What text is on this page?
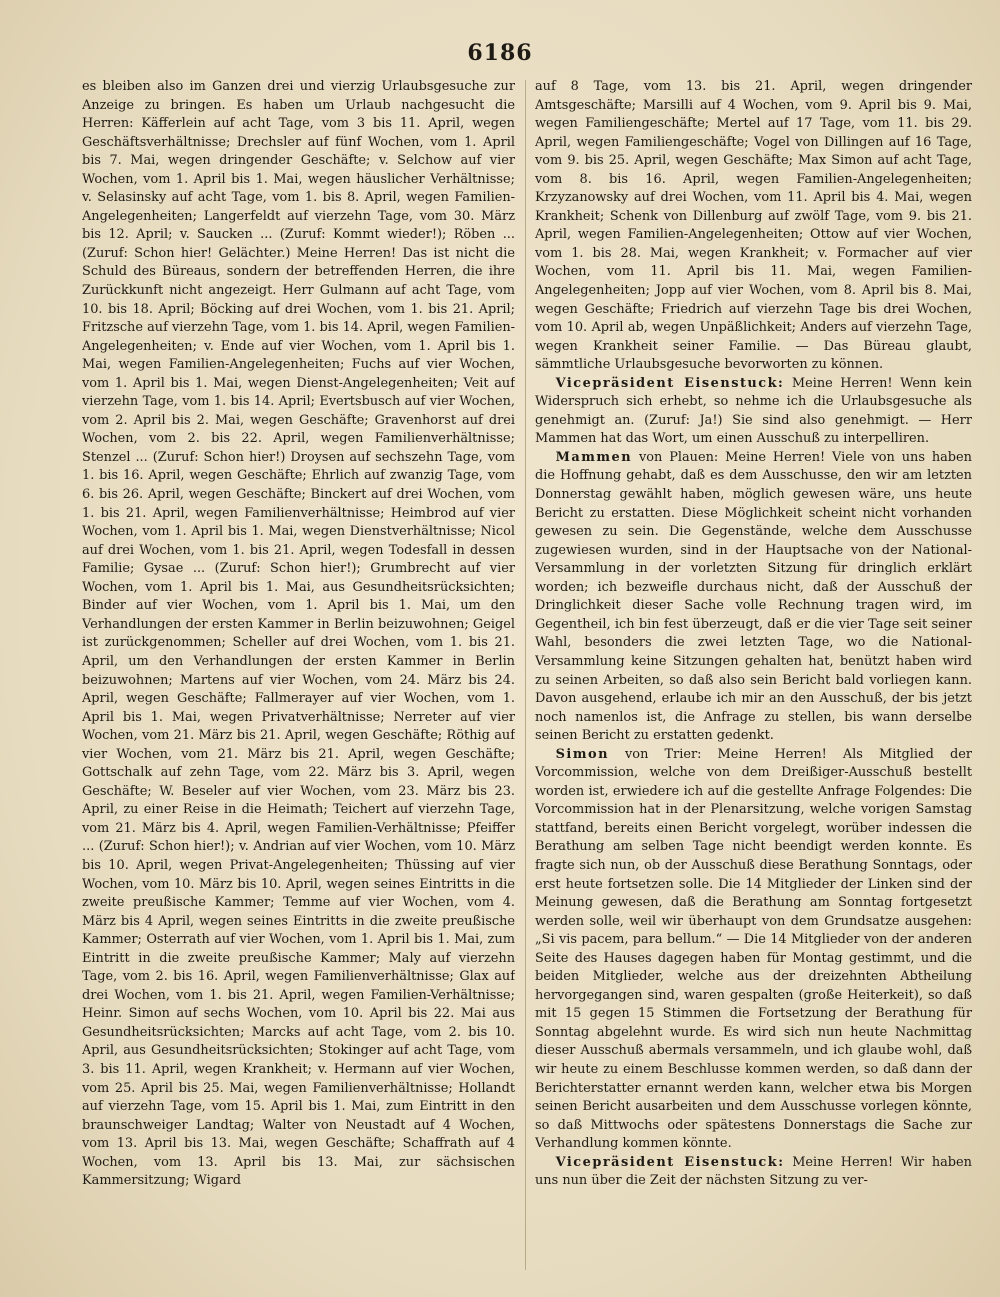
6186

es bleiben also im Ganzen drei und vierzig Urlaubsgesuche zur Anzeige zu bringen. Es haben um Urlaub nachgesucht die Herren: Käfferlein auf acht Tage, vom 3 bis 11. April, wegen Geschäftsverhältnisse; Drechsler auf fünf Wochen, vom 1. April bis 7. Mai, wegen dringender Geschäfte; v. Selchow auf vier Wochen, vom 1. April bis 1. Mai, wegen häuslicher Verhältnisse; v. Selasinsky auf acht Tage, vom 1. bis 8. April, wegen Familien-Angelegenheiten; Langerfeldt auf vierzehn Tage, vom 30. März bis 12. April; v. Saucken ... (Zuruf: Kommt wieder!); Röben ... (Zuruf: Schon hier! Gelächter.) Meine Herren! Das ist nicht die Schuld des Büreaus, sondern der betreffenden Herren, die ihre Zurückkunft nicht angezeigt. Herr Gulmann auf acht Tage, vom 10. bis 18. April; Böcking auf drei Wochen, vom 1. bis 21. April; Fritzsche auf vierzehn Tage, vom 1. bis 14. April, wegen Familien-Angelegenheiten; v. Ende auf vier Wochen, vom 1. April bis 1. Mai, wegen Familien-Angelegenheiten; Fuchs auf vier Wochen, vom 1. April bis 1. Mai, wegen Dienst-Angelegenheiten; Veit auf vierzehn Tage, vom 1. bis 14. April; Evertsbusch auf vier Wochen, vom 2. April bis 2. Mai, wegen Geschäfte; Gravenhorst auf drei Wochen, vom 2. bis 22. April, wegen Familienverhältnisse; Stenzel ... (Zuruf: Schon hier!) Droysen auf sechszehn Tage, vom 1. bis 16. April, wegen Geschäfte; Ehrlich auf zwanzig Tage, vom 6. bis 26. April, wegen Geschäfte; Binckert auf drei Wochen, vom 1. bis 21. April, wegen Familienverhältnisse; Heimbrod auf vier Wochen, vom 1. April bis 1. Mai, wegen Dienstverhältnisse; Nicol auf drei Wochen, vom 1. bis 21. April, wegen Todesfall in dessen Familie; Gysae ... (Zuruf: Schon hier!); Grumbrecht auf vier Wochen, vom 1. April bis 1. Mai, aus Gesundheitsrücksichten; Binder auf vier Wochen, vom 1. April bis 1. Mai, um den Verhandlungen der ersten Kammer in Berlin beizuwohnen; Geigel ist zurückgenommen; Scheller auf drei Wochen, vom 1. bis 21. April, um den Verhandlungen der ersten Kammer in Berlin beizuwohnen; Martens auf vier Wochen, vom 24. März bis 24. April, wegen Geschäfte; Fallmerayer auf vier Wochen, vom 1. April bis 1. Mai, wegen Privatverhältnisse; Nerreter auf vier Wochen, vom 21. März bis 21. April, wegen Geschäfte; Röthig auf vier Wochen, vom 21. März bis 21. April, wegen Geschäfte; Gottschalk auf zehn Tage, vom 22. März bis 3. April, wegen Geschäfte; W. Beseler auf vier Wochen, vom 23. März bis 23. April, zu einer Reise in die Heimath; Teichert auf vierzehn Tage, vom 21. März bis 4. April, wegen Familien-Verhältnisse; Pfeiffer ... (Zuruf: Schon hier!); v. Andrian auf vier Wochen, vom 10. März bis 10. April, wegen Privat-Angelegenheiten; Thüssing auf vier Wochen, vom 10. März bis 10. April, wegen seines Eintritts in die zweite preußische Kammer; Temme auf vier Wochen, vom 4. März bis 4 April, wegen seines Eintritts in die zweite preußische Kammer; Osterrath auf vier Wochen, vom 1. April bis 1. Mai, zum Eintritt in die zweite preußische Kammer; Maly auf vierzehn Tage, vom 2. bis 16. April, wegen Familienverhältnisse; Glax auf drei Wochen, vom 1. bis 21. April, wegen Familien-Verhältnisse; Heinr. Simon auf sechs Wochen, vom 10. April bis 22. Mai aus Gesundheitsrücksichten; Marcks auf acht Tage, vom 2. bis 10. April, aus Gesundheitsrücksichten; Stokinger auf acht Tage, vom 3. bis 11. April, wegen Krankheit; v. Hermann auf vier Wochen, vom 25. April bis 25. Mai, wegen Familienverhältnisse; Hollandt auf vierzehn Tage, vom 15. April bis 1. Mai, zum Eintritt in den braunschweiger Landtag; Walter von Neustadt auf 4 Wochen, vom 13. April bis 13. Mai, wegen Geschäfte; Schaffrath auf 4 Wochen, vom 13. April bis 13. Mai, zur sächsischen Kammersitzung; Wigard

auf 8 Tage, vom 13. bis 21. April, wegen dringender Amtsgeschäfte; Marsilli auf 4 Wochen, vom 9. April bis 9. Mai, wegen Familiengeschäfte; Mertel auf 17 Tage, vom 11. bis 29. April, wegen Familiengeschäfte; Vogel von Dillingen auf 16 Tage, vom 9. bis 25. April, wegen Geschäfte; Max Simon auf acht Tage, vom 8. bis 16. April, wegen Familien-Angelegenheiten; Krzyzanowsky auf drei Wochen, vom 11. April bis 4. Mai, wegen Krankheit; Schenk von Dillenburg auf zwölf Tage, vom 9. bis 21. April, wegen Familien-Angelegenheiten; Ottow auf vier Wochen, vom 1. bis 28. Mai, wegen Krankheit; v. Formacher auf vier Wochen, vom 11. April bis 11. Mai, wegen Familien-Angelegenheiten; Jopp auf vier Wochen, vom 8. April bis 8. Mai, wegen Geschäfte; Friedrich auf vierzehn Tage bis drei Wochen, vom 10. April ab, wegen Unpäßlichkeit; Anders auf vierzehn Tage, wegen Krankheit seiner Familie. — Das Büreau glaubt, sämmtliche Urlaubsgesuche bevorworten zu können.

Vicepräsident Eisenstuck: Meine Herren! Wenn kein Widerspruch sich erhebt, so nehme ich die Urlaubsgesuche als genehmigt an. (Zuruf: Ja!) Sie sind also genehmigt. — Herr Mammen hat das Wort, um einen Ausschuß zu interpelliren.

Mammen von Plauen: Meine Herren! Viele von uns haben die Hoffnung gehabt, daß es dem Ausschusse, den wir am letzten Donnerstag gewählt haben, möglich gewesen wäre, uns heute Bericht zu erstatten. Diese Möglichkeit scheint nicht vorhanden gewesen zu sein. Die Gegenstände, welche dem Ausschusse zugewiesen wurden, sind in der Hauptsache von der National-Versammlung in der vorletzten Sitzung für dringlich erklärt worden; ich bezweifle durchaus nicht, daß der Ausschuß der Dringlichkeit dieser Sache volle Rechnung tragen wird, im Gegentheil, ich bin fest überzeugt, daß er die vier Tage seit seiner Wahl, besonders die zwei letzten Tage, wo die National-Versammlung keine Sitzungen gehalten hat, benützt haben wird zu seinen Arbeiten, so daß also sein Bericht bald vorliegen kann. Davon ausgehend, erlaube ich mir an den Ausschuß, der bis jetzt noch namenlos ist, die Anfrage zu stellen, bis wann derselbe seinen Bericht zu erstatten gedenkt.

Simon von Trier: Meine Herren! Als Mitglied der Vorcommission, welche von dem Dreißiger-Ausschuß bestellt worden ist, erwiedere ich auf die gestellte Anfrage Folgendes: Die Vorcommission hat in der Plenarsitzung, welche vorigen Samstag stattfand, bereits einen Bericht vorgelegt, worüber indessen die Berathung am selben Tage nicht beendigt werden konnte. Es fragte sich nun, ob der Ausschuß diese Berathung Sonntags, oder erst heute fortsetzen solle. Die 14 Mitglieder der Linken sind der Meinung gewesen, daß die Berathung am Sonntag fortgesetzt werden solle, weil wir überhaupt von dem Grundsatze ausgehen: „Si vis pacem, para bellum.“ — Die 14 Mitglieder von der anderen Seite des Hauses dagegen haben für Montag gestimmt, und die beiden Mitglieder, welche aus der dreizehnten Abtheilung hervorgegangen sind, waren gespalten (große Heiterkeit), so daß mit 15 gegen 15 Stimmen die Fortsetzung der Berathung für Sonntag abgelehnt wurde. Es wird sich nun heute Nachmittag dieser Ausschuß abermals versammeln, und ich glaube wohl, daß wir heute zu einem Beschlusse kommen werden, so daß dann der Berichterstatter ernannt werden kann, welcher etwa bis Morgen seinen Bericht ausarbeiten und dem Ausschusse vorlegen könnte, so daß Mittwochs oder spätestens Donnerstags die Sache zur Verhandlung kommen könnte.

Vicepräsident Eisenstuck: Meine Herren! Wir haben uns nun über die Zeit der nächsten Sitzung zu ver-
